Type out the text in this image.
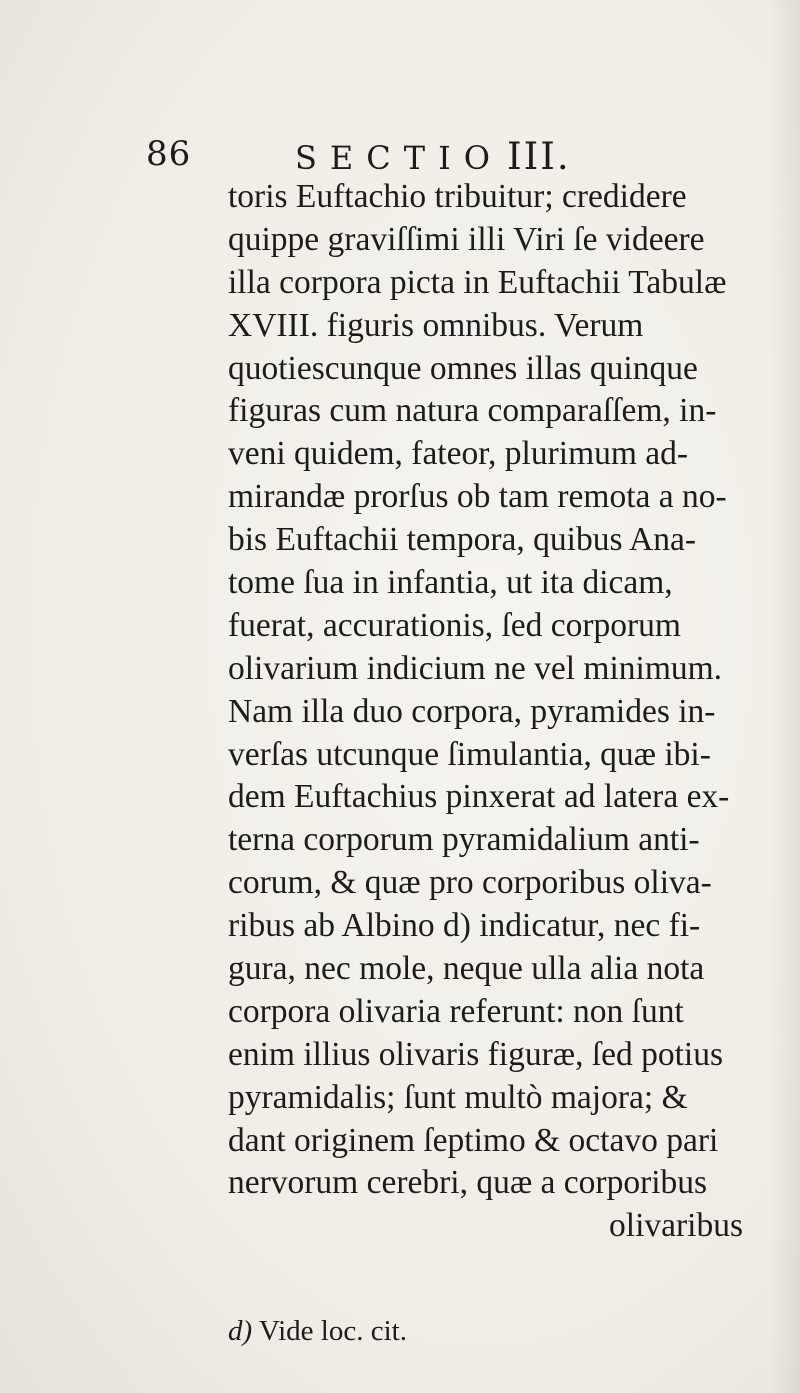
86	SECTIO III.
toris Euftachio tribuitur; credidere
quippe graviſſimi illi Viri ſe videere
illa corpora picta in Euftachii Tabulæ
XVIII. figuris omnibus. Verum
quotiescunque omnes illas quinque
figuras cum natura comparaſſem, in-
veni quidem, fateor, plurimum ad-
mirandæ prorſus ob tam remota a no-
bis Euftachii tempora, quibus Ana-
tome ſua in infantia, ut ita dicam,
fuerat, accurationis, ſed corporum
olivarium indicium ne vel minimum.
Nam illa duo corpora, pyramides in-
verſas utcunque ſimulantia, quæ ibi-
dem Euftachius pinxerat ad latera ex-
terna corporum pyramidalium anti-
corum, & quæ pro corporibus oliva-
ribus ab Albino d) indicatur, nec fi-
gura, nec mole, neque ulla alia nota
corpora olivaria referunt: non ſunt
enim illius olivaris figuræ, ſed potius
pyramidalis; ſunt multò majora; &
dant originem ſeptimo & octavo pari
nervorum cerebri, quæ a corporibus
olivaribus
d) Vide loc. cit.
